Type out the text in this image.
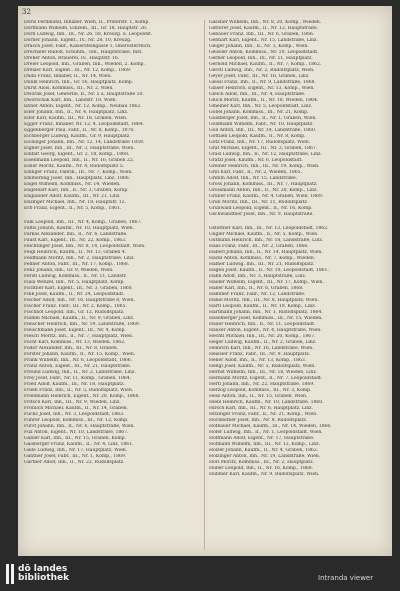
32
Doris Ferdinand, Inhaber, Wien, II., Praterstr. 1, Komp.
Dorfmann Wilhelm, Einzelh., III., Gr. 18, Hauptstr. 26.
Dorn Ludwig, Inh., III., Nr. 26. 58, Kreuzg. u. Leopoldst.
Dorner Johann, Eigent., IV., Nr. 28. 10, Kreuzg.
Drasch Josef, Fabr., Kaisersteingasse 1, Oberösterreich.
Drechsler Rudolf, Schuhm., Teil., Hauptstraße, Inst.
Dreher Anton, Brauerei, IV., Hauptstr. 16.
Dreier Leopold, Inh., Graben, Inh., Wieden, 2. Komp.
Drexler Karl, Eigent., III., Nr. 12, Komp., 1869.
Duda Franz, Inhaber, II., Nr. 14, Wien.
Dunkl Heinrich, Inh., Gr. 16, Hauptplatz, Komp.
Durst Alois, Kommiss., III., Nr. 2, Wien.
Dworak Josef, Gewerbe, II., Nr. 5 a, Hauptstraße 10.
Dworschak Karl, Inh., Landstr. 18. Wien.
Ebner Anton, Eigent., Nr. 12, Komp., Neubau 1862.
Eder Johann, Inh., II., Nr. 4, Hauptplatz, Linz.
Eder Karl, Kaufm., III., Nr. 18, Graben, Wien.
Egger Franz, Inhaber, Nr. 12, 4, Leopoldstadt, 1864.
Eggenberger Paul, Fabr., II., Nr. 8, Komp., 1870.
Eichberger Ludwig, Kaufm., Gr. 9, Hauptplatz.
Eichinger Johann, Inh., Nr. 12, 14, Landstraße 1859.
Eigner Josef, Inh., III., Nr. 3, Hauptstraße, Wien.
Einfalt Georg, Eigent., Gr. 2, 18, Komp., 1868.
Eisenmann Leopold, Inh., II., Nr. 16, Graben 22.
Eisler Moritz, Kaufm., Nr. 4, Rudolfsplatz 5.
Ellinger Franz, Fabrik., III., Nr. 7, Komp., Wien.
Emmerling Josef, Inh., Hauptplatz, Linz, 1866.
Engel Wilhelm, Kommiss., Nr. 14, Wieden.
Engelhart Karl, Inh., II., Nr. 3, Graben, Komp.
Engländer Adolf, Kaufm., III., Nr. 21, Linz.
Enzinger Michael, Inh., Nr. 18, Hauptstr. 12.
Erb Franz, Eigent., II., Nr. 5, Komp., 1861.
Falk Leopold, Inh., III., Nr. 4, Komp., Graben, 1867.
Faltis Johann, Kaufm., Nr. 10, Hauptplatz, Wien.
Farkas Alexander, Inh., II., Nr. 6, Landstraße.
Faust Karl, Eigent., III., Nr. 22, Komp., 1863.
Feichtinger Josef, Inh., Nr. 8, 14, Leopoldstadt, Wien.
Feigl Heinrich, Kaufm., II., Nr. 13, Graben 4.
Feldmann Moritz, Inh., Nr. 2, Hauptstraße, Linz.
Fellner Anton, Fabr., III., Nr. 17, Komp., 1868.
Fenz Johann, Inh., Gr. 9, Wieden, Wien.
Ferstl Ludwig, Kommiss., II., Nr. 11, Landstr.
Fiala Wenzel, Inh., Nr. 5, Hauptplatz, Komp.
Fichtner Karl, Eigent., III., Nr. 3, Graben, 1860.
Fink Josef, Kaufm., II., Nr. 24, Leopoldstadt.
Fischer Adolf, Inh., Nr. 16, Hauptstraße 8, Wien.
Fischer Franz, Fabr., III., Nr. 2, Komp., 1865.
Fischhof Leopold, Inh., Gr. 12, Rudolfsplatz.
Flamm Michael, Kaufm., II., Nr. 9, Graben, Linz.
Fleischer Heinrich, Inh., Nr. 19, Landstraße, 1869.
Fleischmann Josef, Eigent., III., Nr. 4, Komp.
Flesch Moritz, Inh., II., Nr. 7, Hauptplatz, Wien.
Focht Karl, Kommiss., Nr. 13, Wieden, 1862.
Fodor Alexander, Inh., III., Nr. 8, Graben.
Förster Johann, Kaufm., II., Nr. 15, Komp., Wien.
Frank Wilhelm, Inh., Nr. 6, Leopoldstadt, 1866.
Franz Anton, Eigent., III., Nr. 21, Hauptstraße.
Freund Ludwig, Inh., II., Nr. 2, Landstraße, Linz.
Frey Josef, Fabr., Nr. 11, Komp., Graben, 1864.
Fried Adolf, Kaufm., III., Nr. 18, Hauptplatz.
Friedl Franz, Inh., II., Nr. 5, Rudolfsplatz, Wien.
Friedmann Heinrich, Eigent., Nr. 20, Komp., 1868.
Fritsch Karl, Inh., III., Nr. 9, Wieden, Linz.
Fröhlich Michael, Kaufm., II., Nr. 14, Graben.
Fuchs Josef, Inh., Nr. 3, Leopoldstadt, 1863.
Führer Leopold, Kommiss., III., Nr. 12, Komp.
Fürst Johann, Inh., II., Nr. 6, Hauptstraße, Wien.
Fux Anton, Eigent., Nr. 10, Landstraße, 1867.
Gabler Karl, Inh., III., Nr. 15, Graben, Komp.
Gaisberger Franz, Kaufm., II., Nr. 4, Linz, 1861.
Gallé Ludwig, Inh., Nr. 17, Hauptplatz, Wien.
Gantner Josef, Fabr., III., Nr. 1, Komp., 1869.
Gartner Adolf, Inh., II., Nr. 22, Rudolfsplatz.
Gassner Wilhelm, Inh., Nr. 8, 20, Komp., Wieden.
Gatterer Josef, Kaufm., II., Nr. 12, Hauptstraße.
Gebauer Franz, Inh., III., Nr. 6, Graben, 1866.
Gebhart Karl, Eigent., Nr. 15, Landstraße, Linz.
Geiger Johann, Inh., II., Nr. 3, Komp., Wien.
Geissler Anton, Kommiss., Nr. 19, Leopoldstadt.
Gerber Leopold, Inh., III., Nr. 11, Hauptplatz.
Gerhold Michael, Kaufm., II., Nr. 7, Komp., 1862.
Gerstl Ludwig, Inh., Nr. 2, Rudolfsplatz, Wien.
Geyer Josef, Fabr., III., Nr. 16, Graben, Linz.
Giessl Franz, Inh., II., Nr. 9, Landstraße, 1868.
Glaser Heinrich, Eigent., Nr. 13, Komp., Wien.
Gleich Adolf, Inh., III., Nr. 4, Hauptstraße.
Glück Moritz, Kaufm., II., Nr. 18, Wieden, 1864.
Gmeiner Karl, Inh., Nr. 5, Leopoldstadt, Linz.
Göbel Johann, Kommiss., III., Nr. 21, Komp.
Goldberger Josef, Inh., II., Nr. 1, Graben, Wien.
Goldmann Wilhelm, Fabr., Nr. 10, Hauptplatz.
Göll Anton, Inh., III., Nr. 14, Landstraße, 1860.
Gottlieb Leopold, Kaufm., II., Nr. 8, Komp.
Götz Franz, Inh., Nr. 17, Rudolfsplatz, Wien.
Graf Michael, Eigent., III., Nr. 3, Graben, 1867.
Grasl Ludwig, Inh., II., Nr. 12, Hauptstraße, Linz.
Gratzl Josef, Kaufm., Nr. 6, Leopoldstadt.
Greiner Heinrich, Inh., III., Nr. 19, Komp., Wien.
Grill Karl, Fabr., II., Nr. 2, Wieden, 1865.
Grimm Adolf, Inh., Nr. 15, Landstraße.
Gross Johann, Kommiss., III., Nr. 7, Hauptplatz.
Grossmann Anton, Inh., II., Nr. 20, Komp., Linz.
Gruber Franz, Kaufm., Nr. 4, Graben, Wien, 1869.
Grün Moritz, Inh., III., Nr. 11, Rudolfsplatz.
Grünwald Leopold, Eigent., II., Nr. 16, Komp.
Gschwandtner Josef, Inh., Nr. 9, Hauptstraße.
Gstettner Karl, Inh., III., Nr. 13, Leopoldstadt, 1862.
Gugler Michael, Kaufm., II., Nr. 5, Komp., Wien.
Gutmann Heinrich, Inh., Nr. 18, Landstraße, Linz.
Haas Franz, Fabr., III., Nr. 2, Graben, 1866.
Haberl Johann, Inh., II., Nr. 14, Hauptplatz, Wien.
Hackl Anton, Kommiss., Nr. 7, Komp., Wieden.
Hafner Ludwig, Inh., III., Nr. 21, Rudolfsplatz.
Hagen Josef, Kaufm., II., Nr. 10, Leopoldstadt, 1861.
Hahn Adolf, Inh., Nr. 3, Hauptstraße, Linz.
Haider Wilhelm, Eigent., III., Nr. 17, Komp., Wien.
Haller Karl, Inh., II., Nr. 6, Graben, 1868.
Hammer Franz, Fabr., Nr. 12, Landstraße.
Hanel Moritz, Inh., III., Nr. 8, Hauptplatz, Wien.
Hartl Leopold, Kaufm., II., Nr. 19, Komp., Linz.
Hartmann Johann, Inh., Nr. 1, Rudolfsplatz, 1864.
Haselberger Josef, Kommiss., III., Nr. 15, Wieden.
Hauer Heinrich, Inh., II., Nr. 11, Leopoldstadt.
Hauser Anton, Eigent., Nr. 4, Hauptstraße, Wien.
Hechtl Michael, Inh., III., Nr. 20, Komp., 1867.
Heger Ludwig, Kaufm., II., Nr. 2, Graben, Linz.
Heinrich Karl, Inh., Nr. 16, Landstraße, Wien.
Heissler Franz, Fabr., III., Nr. 9, Hauptplatz.
Heller Adolf, Inh., II., Nr. 13, Komp., 1863.
Hengl Josef, Kaufm., Nr. 5, Rudolfsplatz, Wien.
Herbst Wilhelm, Inh., III., Nr. 18, Wieden, Linz.
Hermann Moritz, Eigent., II., Nr. 7, Leopoldstadt.
Hertl Johann, Inh., Nr. 22, Hauptstraße, 1869.
Herzog Leopold, Kommiss., III., Nr. 3, Komp.
Hess Anton, Inh., II., Nr. 15, Graben, Wien.
Hiebl Heinrich, Kaufm., Nr. 10, Landstraße, 1860.
Hirsch Karl, Inh., III., Nr. 6, Hauptplatz, Linz.
Hitzinger Franz, Fabr., II., Nr. 21, Komp., Wien.
Hochleitner Josef, Inh., Nr. 8, Rudolfsplatz.
Hofbauer Michael, Kaufm., III., Nr. 14, Wieden, 1866.
Hofer Ludwig, Inh., II., Nr. 1, Leopoldstadt, Wien.
Hoffmann Adolf, Eigent., Nr. 17, Hauptstraße.
Hofmann Wilhelm, Inh., III., Nr. 12, Komp., Linz.
Holzer Johann, Kaufm., II., Nr. 4, Graben, 1862.
Holzinger Anton, Inh., Nr. 19, Landstraße, Wien.
Hörl Moritz, Kommiss., III., Nr. 2, Hauptplatz.
Huber Leopold, Inh., II., Nr. 16, Komp., 1868.
Hubmer Karl, Kaufm., Nr. 9, Rudolfsplatz, Wien.
dō landes
bibliothek	Intranda viewer
